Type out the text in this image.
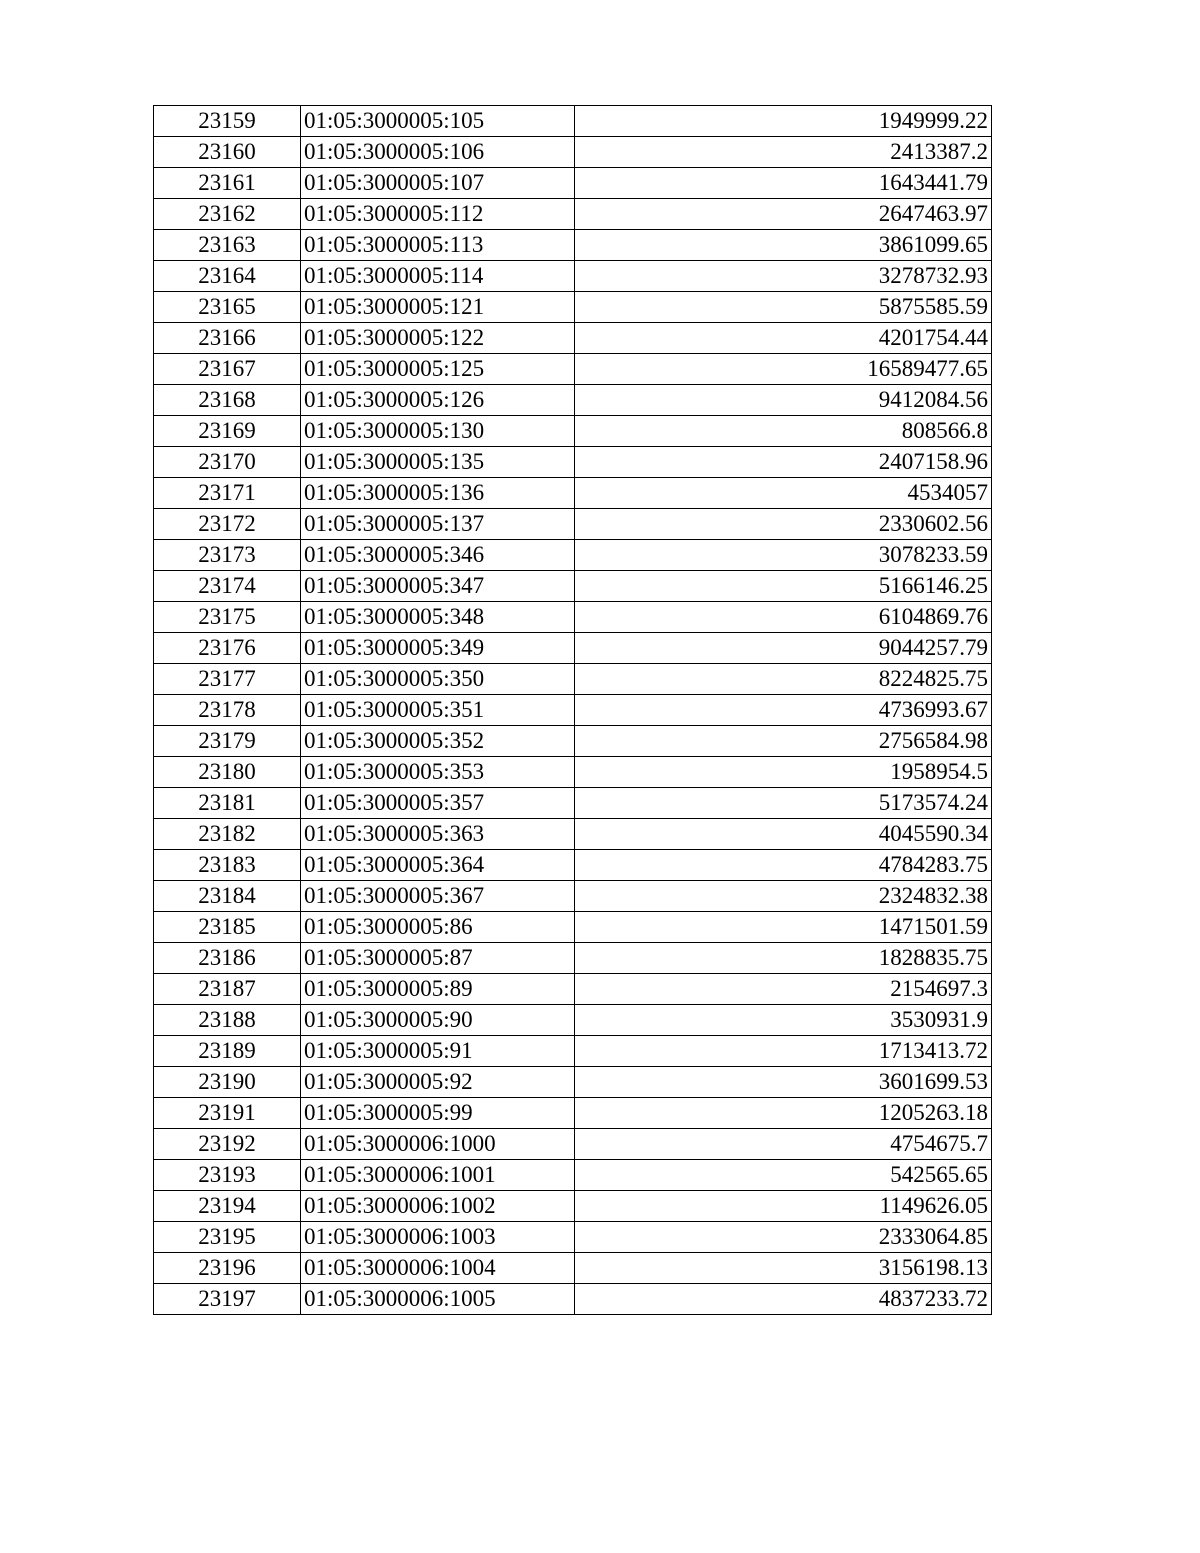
23159	01:05:3000005:105	1949999.22
23160	01:05:3000005:106	2413387.2
23161	01:05:3000005:107	1643441.79
23162	01:05:3000005:112	2647463.97
23163	01:05:3000005:113	3861099.65
23164	01:05:3000005:114	3278732.93
23165	01:05:3000005:121	5875585.59
23166	01:05:3000005:122	4201754.44
23167	01:05:3000005:125	16589477.65
23168	01:05:3000005:126	9412084.56
23169	01:05:3000005:130	808566.8
23170	01:05:3000005:135	2407158.96
23171	01:05:3000005:136	4534057
23172	01:05:3000005:137	2330602.56
23173	01:05:3000005:346	3078233.59
23174	01:05:3000005:347	5166146.25
23175	01:05:3000005:348	6104869.76
23176	01:05:3000005:349	9044257.79
23177	01:05:3000005:350	8224825.75
23178	01:05:3000005:351	4736993.67
23179	01:05:3000005:352	2756584.98
23180	01:05:3000005:353	1958954.5
23181	01:05:3000005:357	5173574.24
23182	01:05:3000005:363	4045590.34
23183	01:05:3000005:364	4784283.75
23184	01:05:3000005:367	2324832.38
23185	01:05:3000005:86	1471501.59
23186	01:05:3000005:87	1828835.75
23187	01:05:3000005:89	2154697.3
23188	01:05:3000005:90	3530931.9
23189	01:05:3000005:91	1713413.72
23190	01:05:3000005:92	3601699.53
23191	01:05:3000005:99	1205263.18
23192	01:05:3000006:1000	4754675.7
23193	01:05:3000006:1001	542565.65
23194	01:05:3000006:1002	1149626.05
23195	01:05:3000006:1003	2333064.85
23196	01:05:3000006:1004	3156198.13
23197	01:05:3000006:1005	4837233.72
